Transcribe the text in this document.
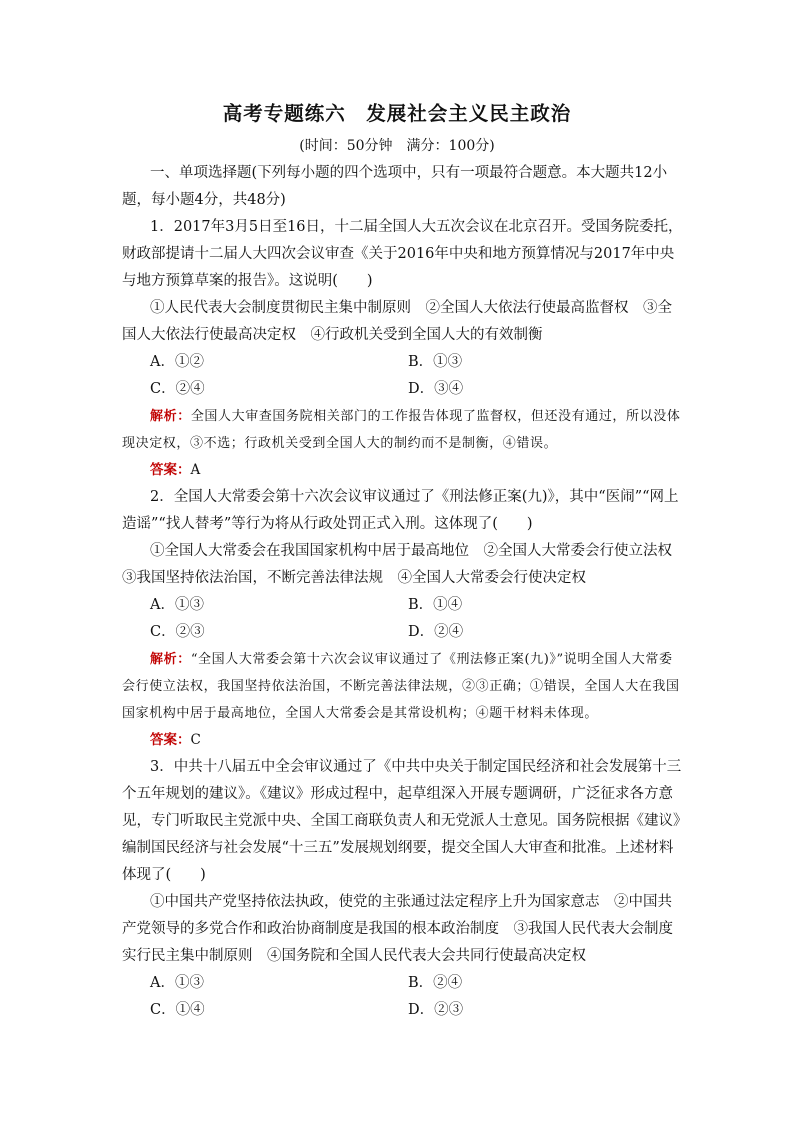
高考专题练六　发展社会主义民主政治
(时间：50分钟　满分：100分)

一、单项选择题(下列每小题的四个选项中，只有一项最符合题意。本大题共12小题，每小题4分，共48分)

1．2017年3月5日至16日，十二届全国人大五次会议在北京召开。受国务院委托，财政部提请十二届人大四次会议审查《关于2016年中央和地方预算情况与2017年中央与地方预算草案的报告》。这说明(　　)

①人民代表大会制度贯彻民主集中制原则　②全国人大依法行使最高监督权　③全国人大依法行使最高决定权　④行政机关受到全国人大的有效制衡

A．①②	B．①③
C．②④	D．③④

解析：全国人大审查国务院相关部门的工作报告体现了监督权，但还没有通过，所以没体现决定权，③不选；行政机关受到全国人大的制约而不是制衡，④错误。

答案：A

2．全国人大常委会第十六次会议审议通过了《刑法修正案(九)》，其中“医闹”“网上造谣”“找人替考”等行为将从行政处罚正式入刑。这体现了(　　)

①全国人大常委会在我国国家机构中居于最高地位　②全国人大常委会行使立法权　③我国坚持依法治国，不断完善法律法规　④全国人大常委会行使决定权

A．①③	B．①④
C．②③	D．②④

解析：“全国人大常委会第十六次会议审议通过了《刑法修正案(九)》”说明全国人大常委会行使立法权，我国坚持依法治国，不断完善法律法规，②③正确；①错误，全国人大在我国国家机构中居于最高地位，全国人大常委会是其常设机构；④题干材料未体现。

答案：C

3．中共十八届五中全会审议通过了《中共中央关于制定国民经济和社会发展第十三个五年规划的建议》。《建议》形成过程中，起草组深入开展专题调研，广泛征求各方意见，专门听取民主党派中央、全国工商联负责人和无党派人士意见。国务院根据《建议》编制国民经济与社会发展“十三五”发展规划纲要，提交全国人大审查和批准。上述材料体现了(　　)

①中国共产党坚持依法执政，使党的主张通过法定程序上升为国家意志　②中国共产党领导的多党合作和政治协商制度是我国的根本政治制度　③我国人民代表大会制度实行民主集中制原则　④国务院和全国人民代表大会共同行使最高决定权

A．①③	B．②④
C．①④	D．②③
